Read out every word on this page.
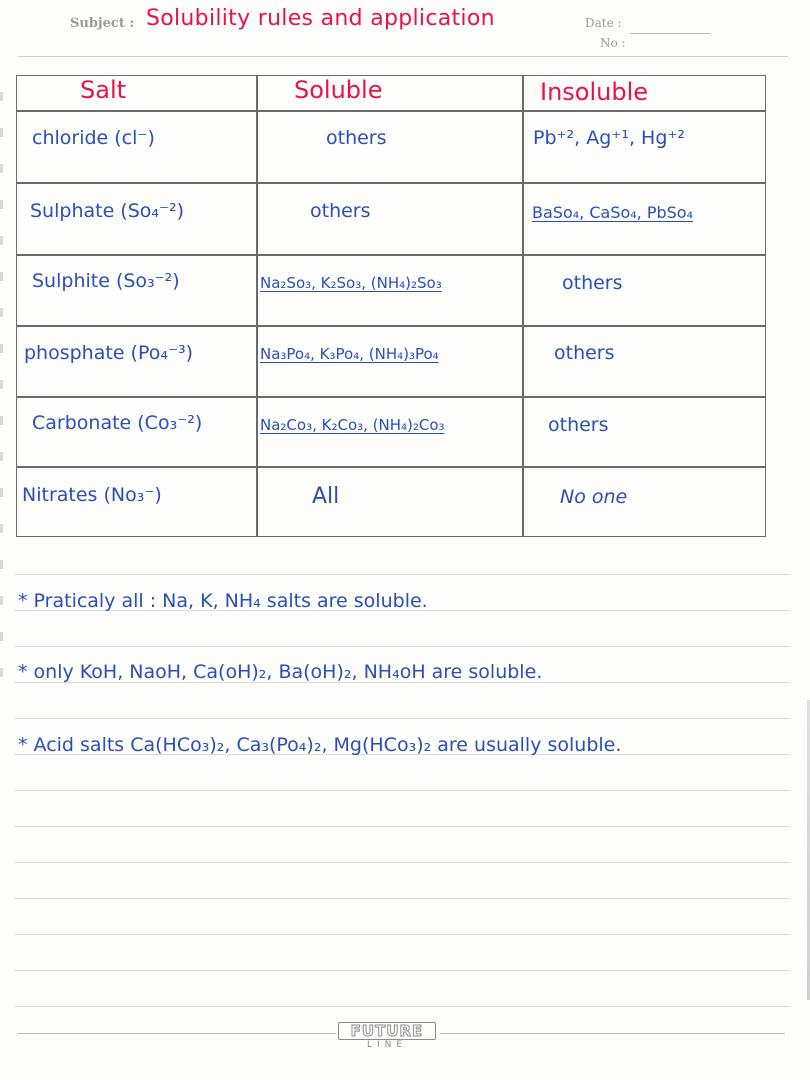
Subject : Solubility rules and application	Date :
No :
Salt	Soluble	Insoluble
chloride (cl⁻)	others	Pb⁺², Ag⁺¹, Hg⁺²
Sulphate (So₄⁻²)	others	BaSo₄, CaSo₄, PbSo₄
Sulphite (So₃⁻²)	Na₂So₃, K₂So₃, (NH₄)₂So₃	others
phosphate (Po₄⁻³)	Na₃Po₄, K₃Po₄, (NH₄)₃Po₄	others
Carbonate (Co₃⁻²)	Na₂Co₃, K₂Co₃, (NH₄)₂Co₃	others
Nitrates (No₃⁻)	All	No one
* Praticaly all : Na, K, NH₄ salts are soluble.
* only KoH, NaoH, Ca(oH)₂, Ba(oH)₂, NH₄oH are soluble.
* Acid salts Ca(HCo₃)₂, Ca₃(Po₄)₂, Mg(HCo₃)₂ are usually soluble.
FUTURE
LINE
